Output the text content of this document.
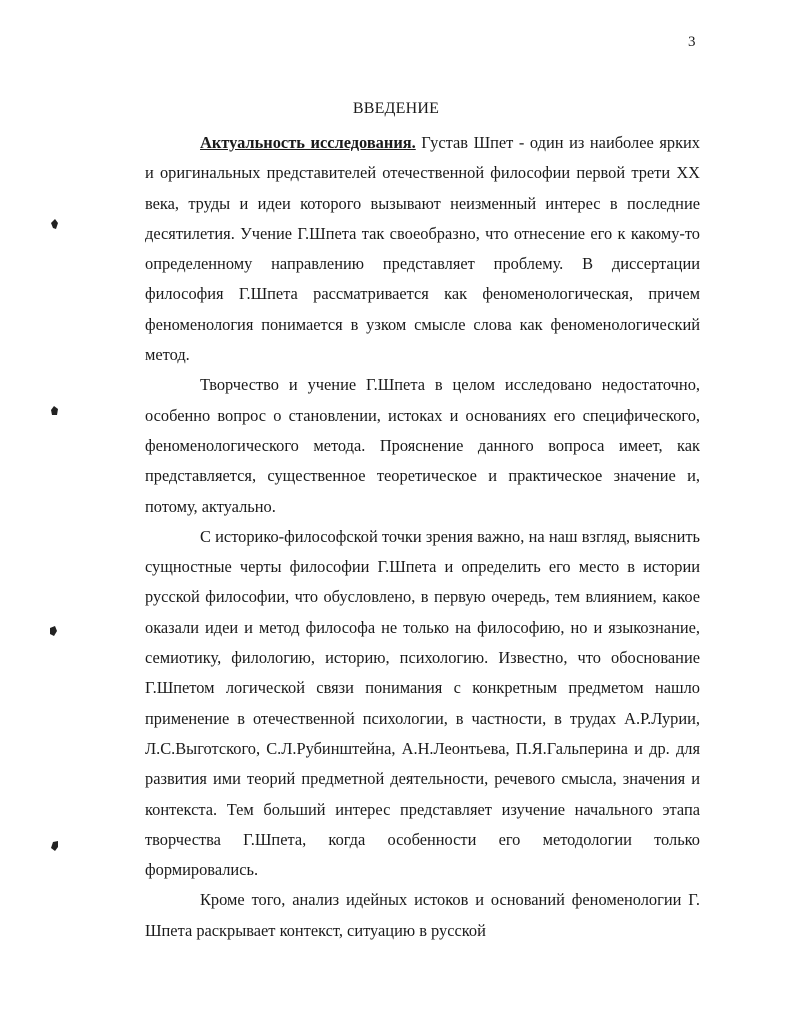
3
ВВЕДЕНИЕ

Актуальность исследования. Густав Шпет - один из наиболее ярких и оригинальных представителей отечественной философии первой трети XX века, труды и идеи которого вызывают неизменный интерес в последние десятилетия. Учение Г.Шпета так своеобразно, что отнесение его к какому-то определенному направлению представляет проблему. В диссертации философия Г.Шпета рассматривается как феноменологическая, причем феноменология понимается в узком смысле слова как феноменологический метод.

Творчество и учение Г.Шпета в целом исследовано недостаточно, особенно вопрос о становлении, истоках и основаниях его специфического, феноменологического метода. Прояснение данного вопроса имеет, как представляется, существенное теоретическое и практическое значение и, потому, актуально.

С историко-философской точки зрения важно, на наш взгляд, выяснить сущностные черты философии Г.Шпета и определить его место в истории русской философии, что обусловлено, в первую очередь, тем влиянием, какое оказали идеи и метод философа не только на философию, но и языкознание, семиотику, филологию, историю, психологию. Известно, что обоснование Г.Шпетом логической связи понимания с конкретным предметом нашло применение в отечественной психологии, в частности, в трудах А.Р.Лурии, Л.С.Выготского, С.Л.Рубинштейна, А.Н.Леонтьева, П.Я.Гальперина и др. для развития ими теорий предметной деятельности, речевого смысла, значения и контекста. Тем больший интерес представляет изучение начального этапа творчества Г.Шпета, когда особенности его методологии только формировались.

Кроме того, анализ идейных истоков и оснований феноменологии Г. Шпета раскрывает контекст, ситуацию в русской
